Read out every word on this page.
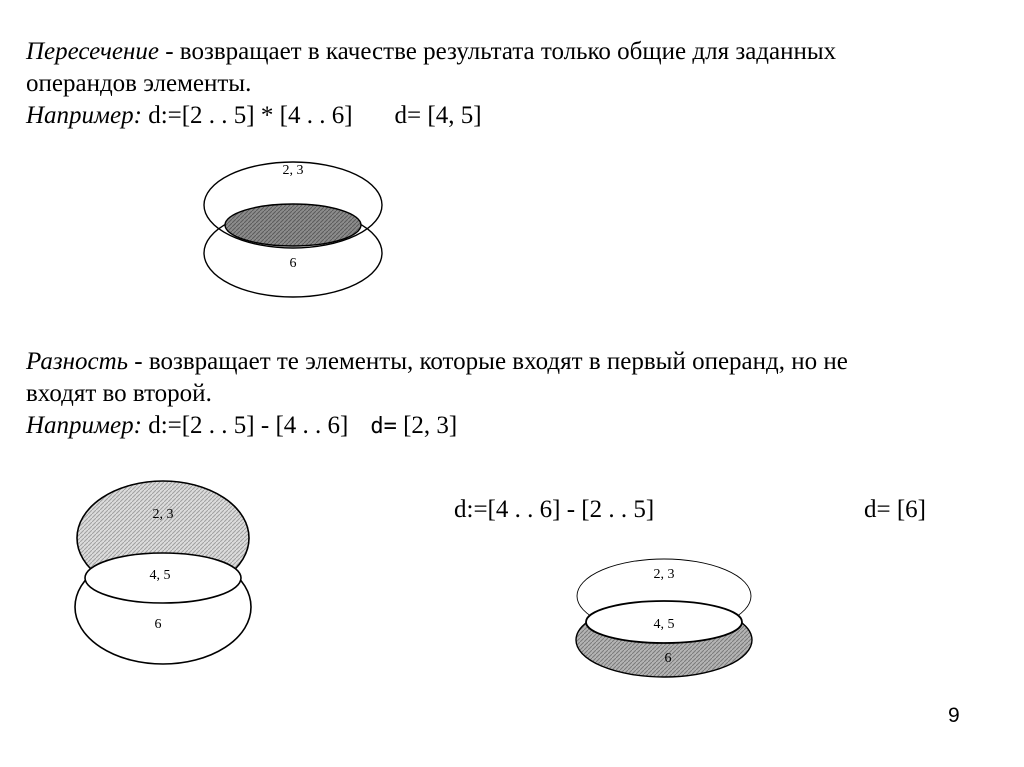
Пересечение - возвращает в качестве результата только общие для заданных
операндов элементы.
Например: d:=[2 . . 5] * [4 . . 6] d= [4, 5]
2, 3
6
Разность - возвращает те элементы, которые входят в первый операнд, но не
входят во второй.
Например: d:=[2 . . 5] - [4 . . 6] d= [2, 3]
2, 3
4, 5
6
d:=[4 . . 6] - [2 . . 5]	d= [6]
2, 3
4, 5
6
9
